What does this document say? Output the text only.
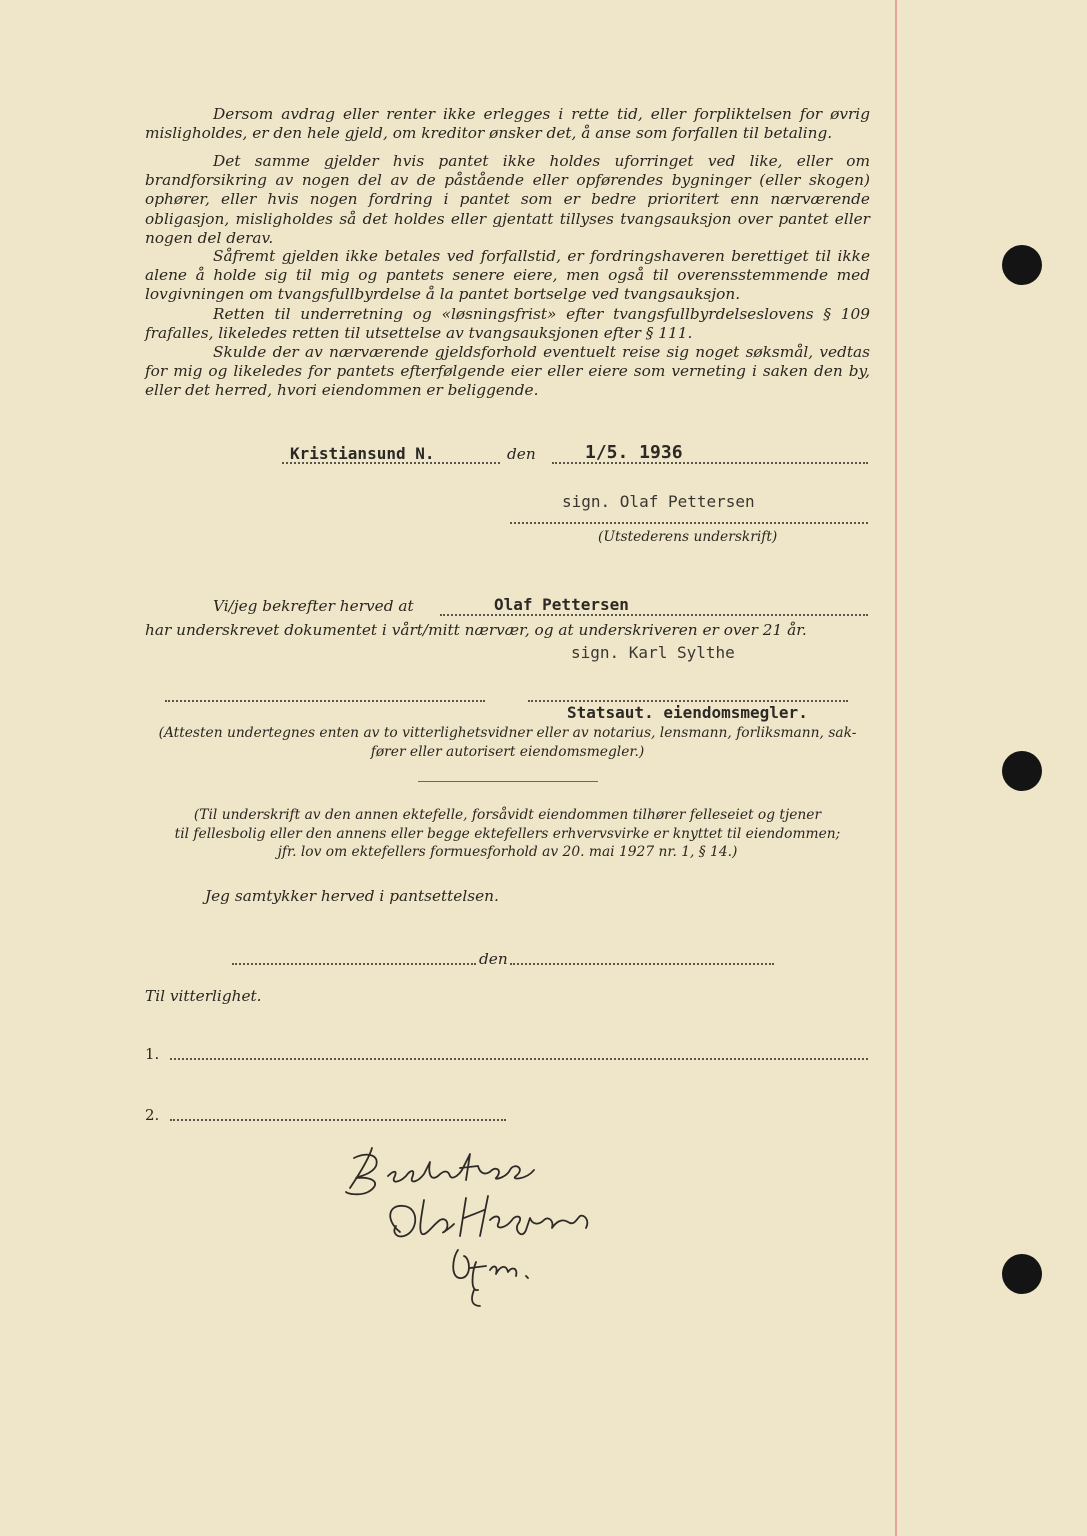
Dersom avdrag eller renter ikke erlegges i rette tid, eller forpliktelsen for øvrig misligholdes, er den hele gjeld, om kreditor ønsker det, å anse som forfallen til betaling.

Det samme gjelder hvis pantet ikke holdes uforringet ved like, eller om brandforsikring av nogen del av de påstående eller opførendes bygninger (eller skogen) ophører, eller hvis nogen fordring i pantet som er bedre prioritert enn nærværende obligasjon, misligholdes så det holdes eller gjentatt tillyses tvangsauksjon over pantet eller nogen del derav.

Såfremt gjelden ikke betales ved forfallstid, er fordringshaveren berettiget til ikke alene å holde sig til mig og pantets senere eiere, men også til overensstemmende med lovgivningen om tvangsfullbyrdelse å la pantet bortselge ved tvangsauksjon.

Retten til underretning og «løsningsfrist» efter tvangsfullbyrdelseslovens § 109 frafalles, likeledes retten til utsettelse av tvangsauksjonen efter § 111.

Skulde der av nærværende gjeldsforhold eventuelt reise sig noget søksmål, vedtas for mig og likeledes for pantets efterfølgende eier eller eiere som verneting i saken den by, eller det herred, hvori eiendommen er beliggende.

Kristiansund N.	den	1/5. 1936
sign. Olaf Pettersen
(Utstederens underskrift)
Vi/jeg bekrefter herved at	Olaf Pettersen
har underskrevet dokumentet i vårt/mitt nærvær, og at underskriveren er over 21 år.
sign. Karl Sylthe
Statsaut. eiendomsmegler.
(Attesten undertegnes enten av to vitterlighetsvidner eller av notarius, lensmann, forliksmann, sak-
fører eller autorisert eiendomsmegler.)
(Til underskrift av den annen ektefelle, forsåvidt eiendommen tilhører felleseiet og tjener
til fellesbolig eller den annens eller begge ektefellers erhvervsvirke er knyttet til eiendommen;
jfr. lov om ektefellers formuesforhold av 20. mai 1927 nr. 1, § 14.)
Jeg samtykker herved i pantsettelsen.
den
Til vitterlighet.
1.
2.
